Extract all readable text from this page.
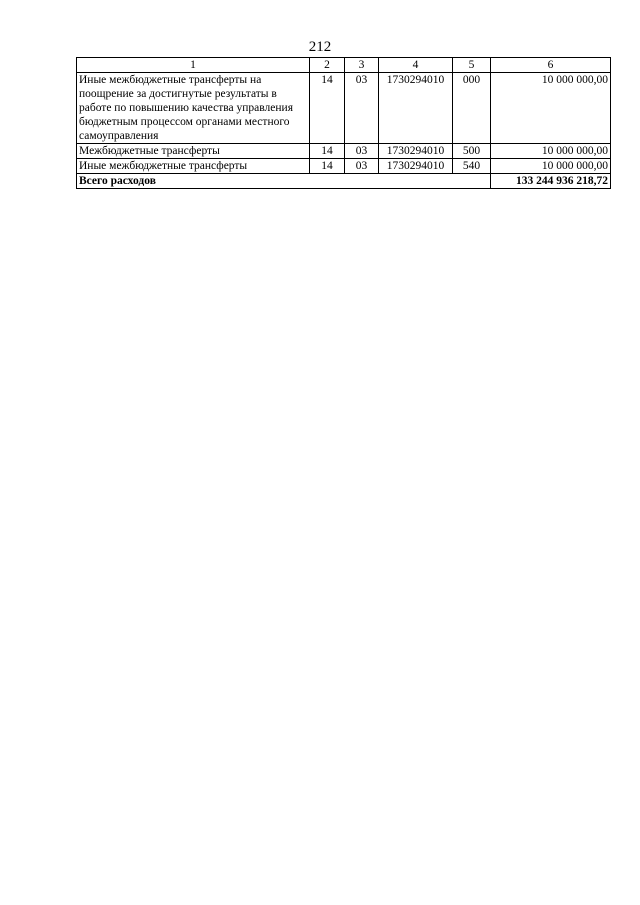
212
1	2	3	4	5	6
Иные межбюджетные трансферты на поощрение за достигнутые результаты в работе по повышению качества управления бюджетным процессом органами местного самоуправления	14	03	1730294010	000	10 000 000,00
Межбюджетные трансферты	14	03	1730294010	500	10 000 000,00
Иные межбюджетные трансферты	14	03	1730294010	540	10 000 000,00
Всего расходов					133 244 936 218,72
